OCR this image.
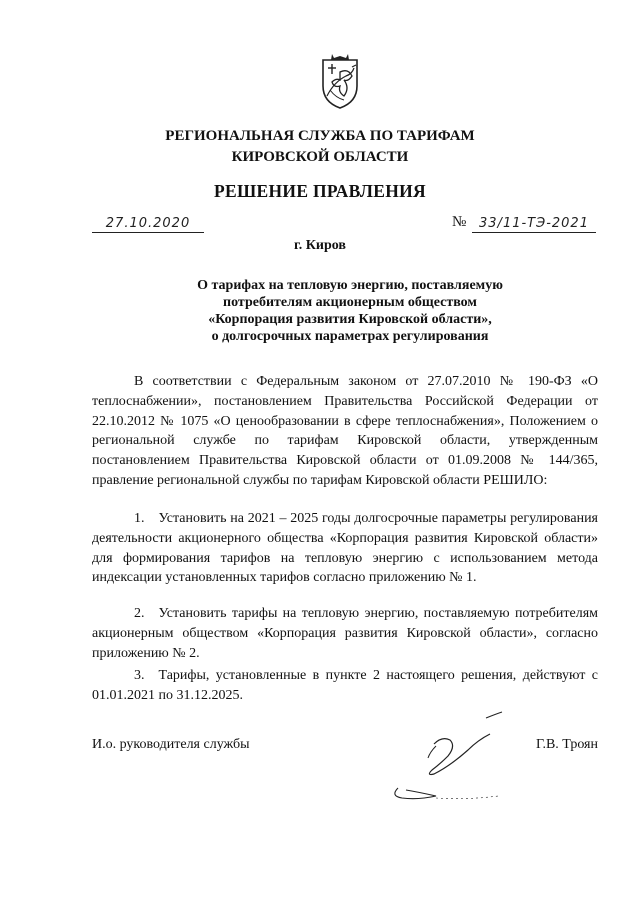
РЕГИОНАЛЬНАЯ СЛУЖБА ПО ТАРИФАМ
КИРОВСКОЙ ОБЛАСТИ
РЕШЕНИЕ ПРАВЛЕНИЯ
27.10.2020	№ 33/11-ТЭ-2021
г. Киров
О тарифах на тепловую энергию, поставляемую
потребителям акционерным обществом
«Корпорация развития Кировской области»,
о долгосрочных параметрах регулирования

В соответствии с Федеральным законом от 27.07.2010 № 190-ФЗ «О теплоснабжении», постановлением Правительства Российской Федерации от 22.10.2012 № 1075 «О ценообразовании в сфере теплоснабжения», Положением о региональной службе по тарифам Кировской области, утвержденным постановлением Правительства Кировской области от 01.09.2008 № 144/365, правление региональной службы по тарифам Кировской области РЕШИЛО:

1. Установить на 2021 – 2025 годы долгосрочные параметры регулирования деятельности акционерного общества «Корпорация развития Кировской области» для формирования тарифов на тепловую энергию с использованием метода индексации установленных тарифов согласно приложению № 1.

2. Установить тарифы на тепловую энергию, поставляемую потребителям акционерным обществом «Корпорация развития Кировской области», согласно приложению № 2.

3. Тарифы, установленные в пункте 2 настоящего решения, действуют с 01.01.2021 по 31.12.2025.

И.о. руководителя службы	Г.В. Троян
